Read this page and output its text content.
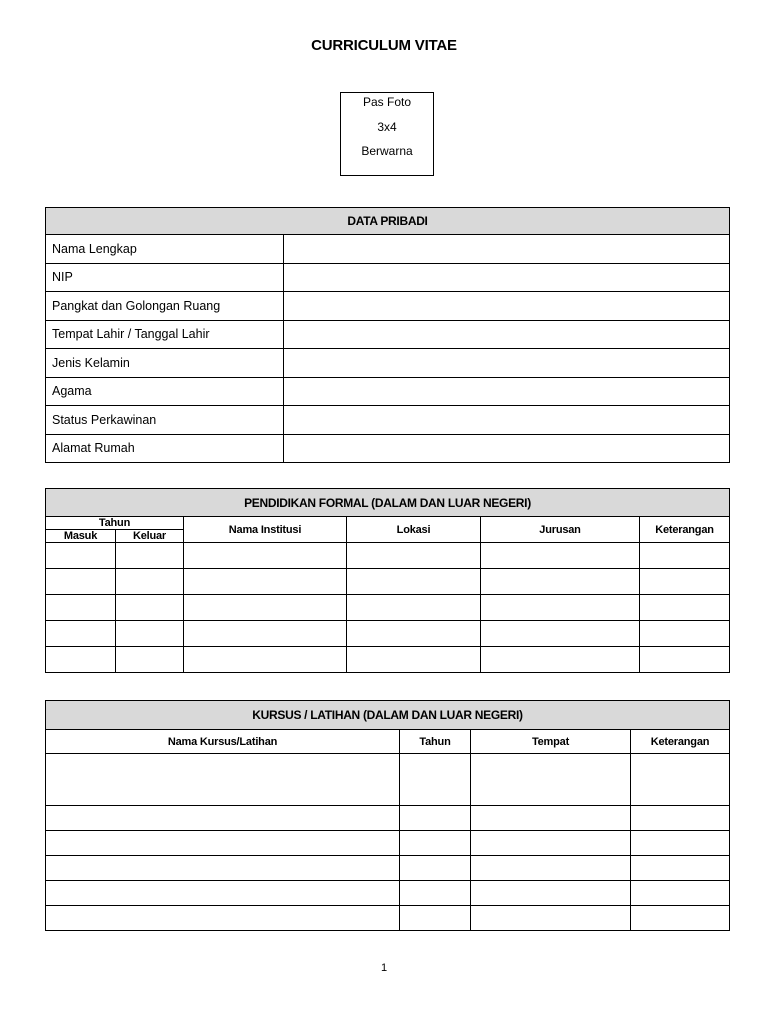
CURRICULUM VITAE
Pas Foto
3x4
Berwarna
DATA PRIBADI	
Nama Lengkap	
NIP	
Pangkat dan Golongan Ruang	
Tempat Lahir / Tanggal Lahir	
Jenis Kelamin	
Agama	
Status Perkawinan	
Alamat Rumah	
PENDIDIKAN FORMAL (DALAM DAN LUAR NEGERI)					
Tahun		Nama Institusi	Lokasi	Jurusan	Keterangan
Masuk	Keluar				

KURSUS / LATIHAN (DALAM DAN LUAR NEGERI)			
Nama Kursus/Latihan	Tahun	Tempat	Keterangan

1
